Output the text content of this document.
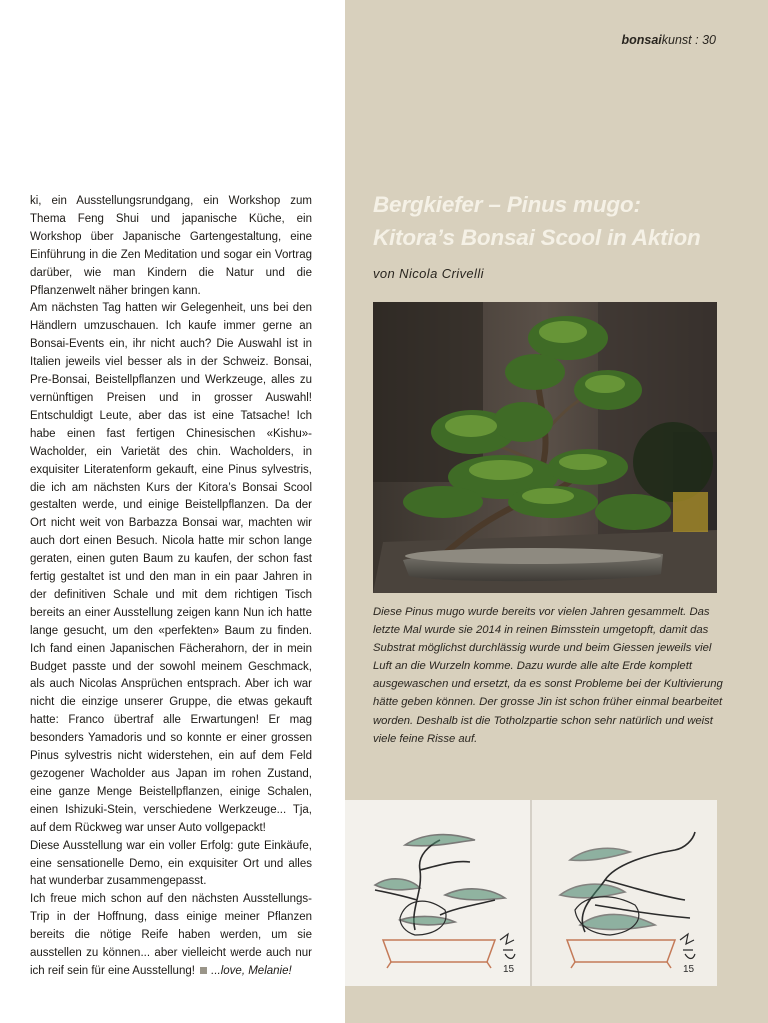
ki, ein Ausstellungsrundgang, ein Workshop zum Thema Feng Shui und japanische Küche, ein Workshop über Japanische Gartengestaltung, eine Einführung in die Zen Meditation und sogar ein Vortrag darüber, wie man Kindern die Natur und die Pflanzenwelt näher bringen kann.

Am nächsten Tag hatten wir Gelegenheit, uns bei den Händlern umzuschauen. Ich kaufe immer gerne an Bonsai-Events ein, ihr nicht auch? Die Auswahl ist in Italien jeweils viel besser als in der Schweiz. Bonsai, Pre-Bonsai, Beistellpflanzen und Werkzeuge, alles zu vernünftigen Preisen und in grosser Auswahl! Entschuldigt Leute, aber das ist eine Tatsache! Ich habe einen fast fertigen Chinesischen «Kishu»-Wacholder, ein Varietät des chin. Wacholders, in exquisiter Literatenform gekauft, eine Pinus sylvestris, die ich am nächsten Kurs der Kitora’s Bonsai Scool gestalten werde, und einige Beistellpflanzen. Da der Ort nicht weit von Barbazza Bonsai war, machten wir auch dort einen Besuch. Nicola hatte mir schon lange geraten, einen guten Baum zu kaufen, der schon fast fertig gestaltet ist und den man in ein paar Jahren in der definitiven Schale und mit dem richtigen Tisch bereits an einer Ausstellung zeigen kann Nun ich hatte lange gesucht, um den «perfekten» Baum zu finden. Ich fand einen Japanischen Fächerahorn, der in mein Budget passte und der sowohl meinem Geschmack, als auch Nicolas Ansprüchen entsprach. Aber ich war nicht die einzige unserer Gruppe, die etwas gekauft hatte: Franco übertraf alle Erwartungen! Er mag besonders Yamadoris und so konnte er einer grossen Pinus sylvestris nicht widerstehen, ein auf dem Feld gezogener Wacholder aus Japan im rohen Zustand, eine ganze Menge Beistellpflanzen, einige Schalen, einen Ishizuki-Stein, verschiedene Werkzeuge... Tja, auf dem Rückweg war unser Auto vollgepackt!

Diese Ausstellung war ein voller Erfolg: gute Einkäufe, eine sensationelle Demo, ein exquisiter Ort und alles hat wunderbar zusammengepasst.

Ich freue mich schon auf den nächsten Ausstellungs-Trip in der Hoffnung, dass einige meiner Pflanzen bereits die nötige Reife haben werden, um sie ausstellen zu können... aber vielleicht werde auch nur ich reif sein für eine Ausstellung! ...love, Melanie!

bonsaikunst : 30
Bergkiefer – Pinus mugo:
Kitora’s Bonsai Scool in Aktion
von Nicola Crivelli
Diese Pinus mugo wurde bereits vor vielen Jahren gesammelt. Das letzte Mal wurde sie 2014 in reinen Bimsstein umgetopft, damit das Substrat möglichst durchlässig wurde und beim Giessen jeweils viel Luft an die Wurzeln komme. Dazu wurde alle alte Erde komplett ausgewaschen und ersetzt, da es sonst Probleme bei der Kultivierung hätte geben können. Der grosse Jin ist schon früher einmal bearbeitet worden. Deshalb ist die Totholzpartie schon sehr natürlich und weist viele feine Risse auf.
15	15
